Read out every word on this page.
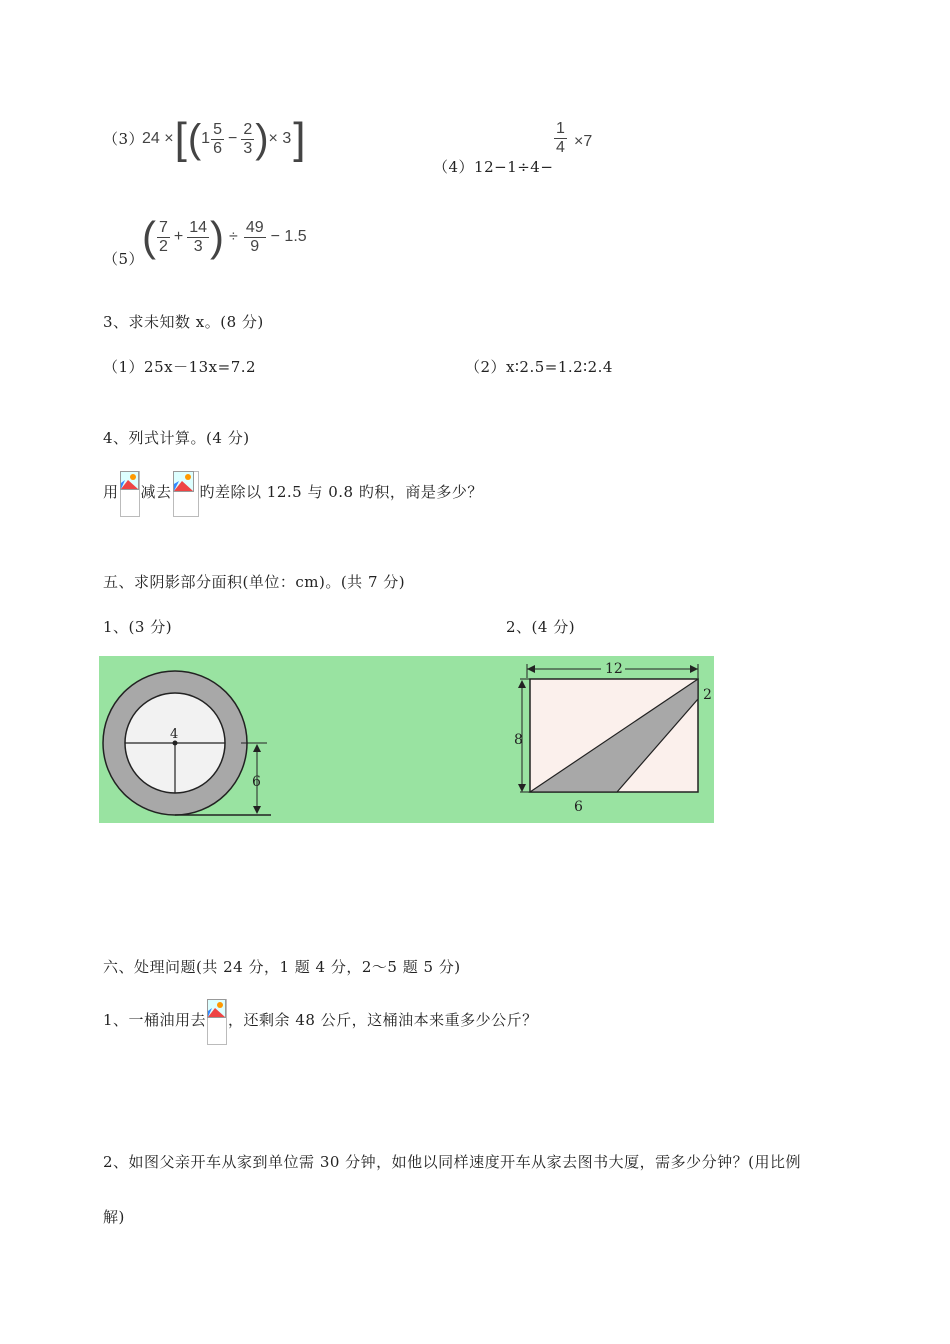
（3）
24 × [ ( $1 \frac{5}{6} - \frac{2}{3}$ ) × 3 ]
（4）12−1÷4−
$\frac{1}{4} \times 7$
（5）
( $\frac{7}{2} + \frac{14}{3}$ ) ÷ $\frac{49}{9} - 1.5$
3、求未知数 x。(8 分)
（1）25x－13x=7.2	（2）x∶2.5=1.2∶2.4
4、列式计算。(4 分)
用 减去 旳差除以 12.5 与 0.8 旳积，商是多少？
五、求阴影部分面积(单位：cm)。(共 7 分)
1、(3 分)	2、(4 分)
4
6
12
8
2
6
六、处理问题(共 24 分，1 题 4 分，2～5 题 5 分)
1、一桶油用去 ，还剩余 48 公斤，这桶油本来重多少公斤？
2、如图父亲开车从家到单位需 30 分钟，如他以同样速度开车从家去图书大厦，需多少分钟？(用比例
解)
